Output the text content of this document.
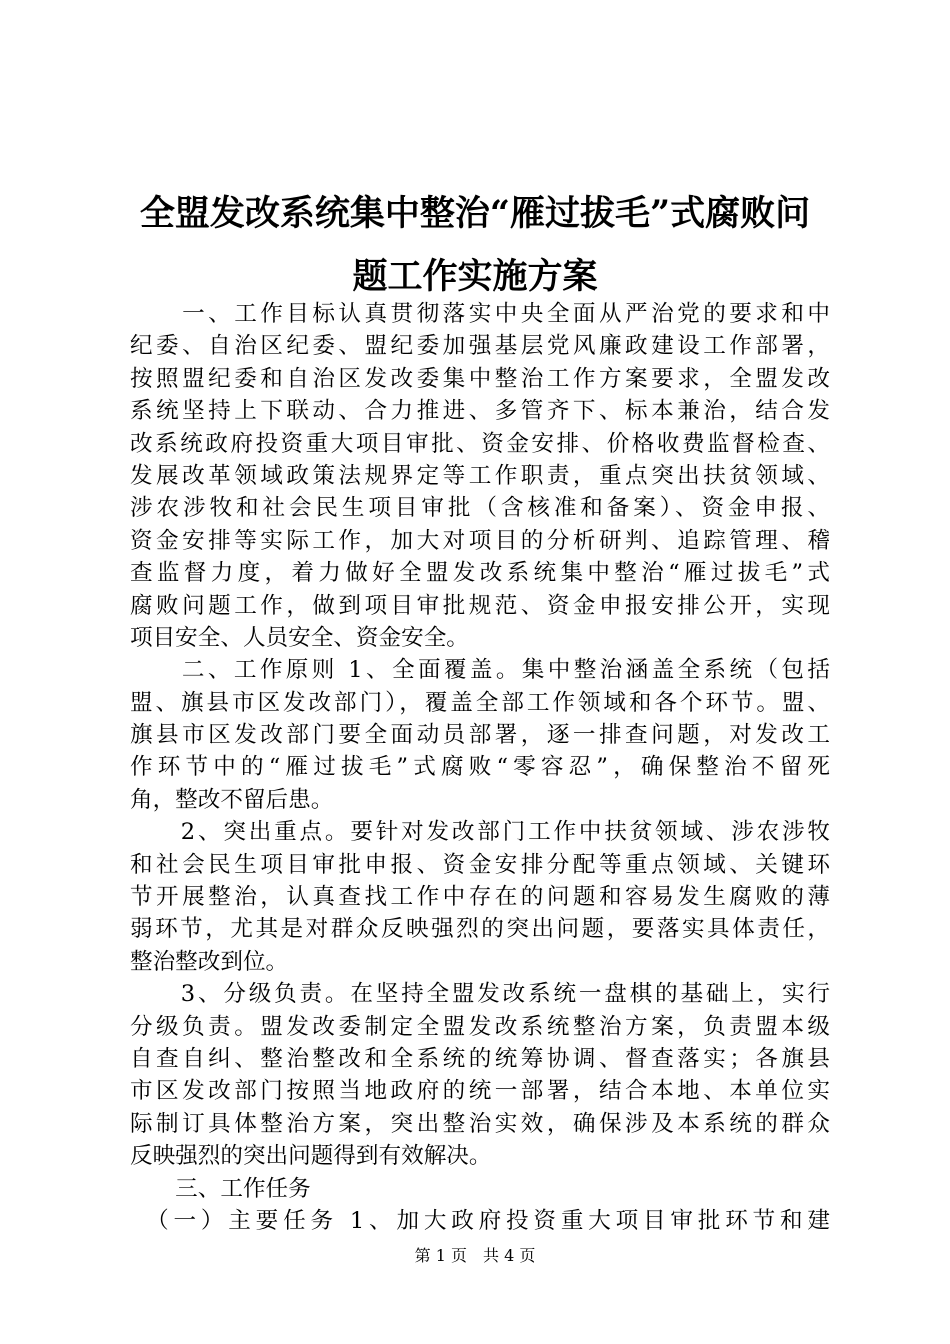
全盟发改系统集中整治“雁过拔毛”式腐败问
题工作实施方案
　　一、工作目标认真贯彻落实中央全面从严治党的要求和中
纪委、自治区纪委、盟纪委加强基层党风廉政建设工作部署，
按照盟纪委和自治区发改委集中整治工作方案要求，全盟发改
系统坚持上下联动、合力推进、多管齐下、标本兼治，结合发
改系统政府投资重大项目审批、资金安排、价格收费监督检查、
发展改革领域政策法规界定等工作职责，重点突出扶贫领域、
涉农涉牧和社会民生项目审批（含核准和备案）、资金申报、
资金安排等实际工作，加大对项目的分析研判、追踪管理、稽
查监督力度，着力做好全盟发改系统集中整治“雁过拔毛”式
腐败问题工作，做到项目审批规范、资金申报安排公开，实现
项目安全、人员安全、资金安全。
　　二、工作原则 1、全面覆盖。集中整治涵盖全系统（包括
盟、旗县市区发改部门），覆盖全部工作领域和各个环节。盟、
旗县市区发改部门要全面动员部署，逐一排查问题，对发改工
作环节中的“雁过拔毛”式腐败“零容忍”，确保整治不留死
角，整改不留后患。
　　2、突出重点。要针对发改部门工作中扶贫领域、涉农涉牧
和社会民生项目审批申报、资金安排分配等重点领域、关键环
节开展整治，认真查找工作中存在的问题和容易发生腐败的薄
弱环节，尤其是对群众反映强烈的突出问题，要落实具体责任，
整治整改到位。
　　3、分级负责。在坚持全盟发改系统一盘棋的基础上，实行
分级负责。盟发改委制定全盟发改系统整治方案，负责盟本级
自查自纠、整治整改和全系统的统筹协调、督查落实；各旗县
市区发改部门按照当地政府的统一部署，结合本地、本单位实
际制订具体整治方案，突出整治实效，确保涉及本系统的群众
反映强烈的突出问题得到有效解决。
　　三、工作任务
　（一）主要任务 1、加大政府投资重大项目审批环节和建
第 1 页　共 4 页
